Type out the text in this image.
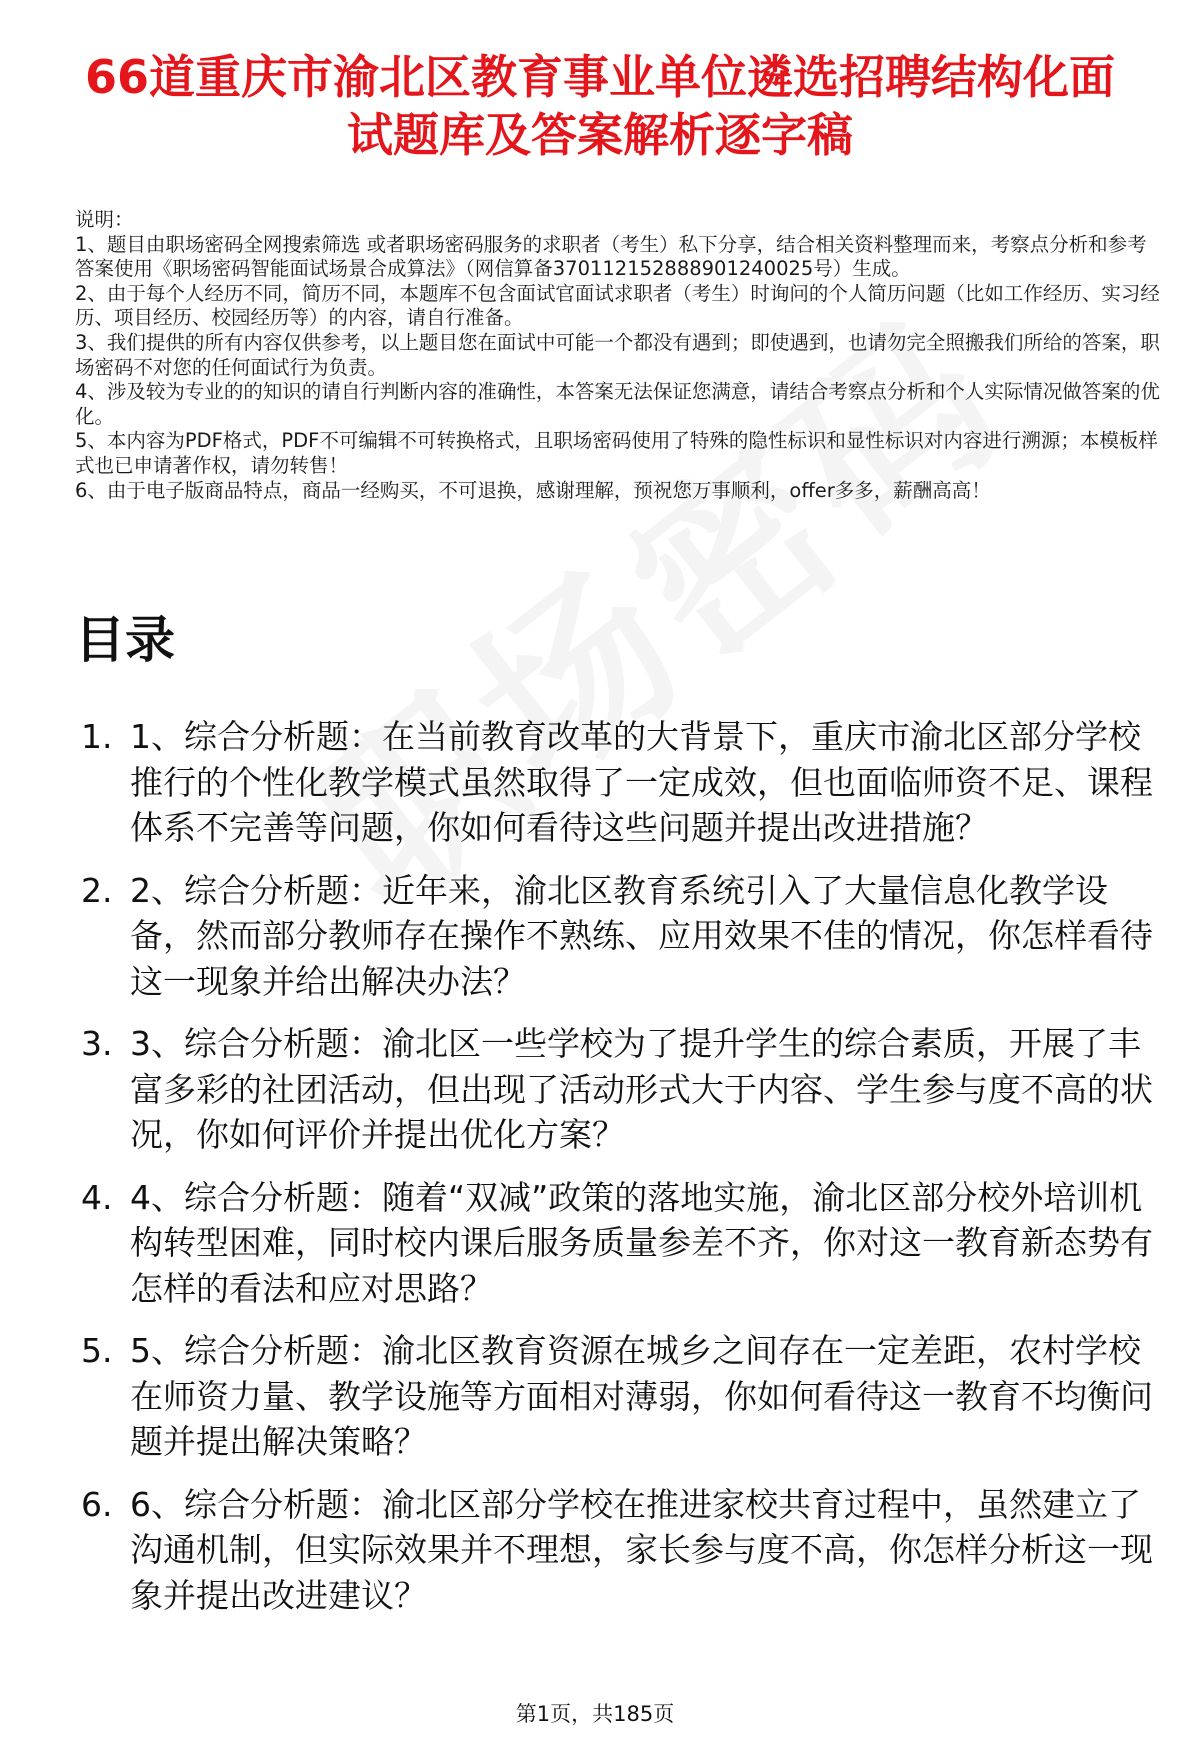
66道重庆市渝北区教育事业单位遴选招聘结构化面试题库及答案解析逐字稿

说明：

1、题目由职场密码全网搜索筛选 或者职场密码服务的求职者（考生）私下分享，结合相关资料整理而来，考察点分析和参考答案使用《职场密码智能面试场景合成算法》（网信算备370112152888901240025号）生成。

2、由于每个人经历不同，简历不同，本题库不包含面试官面试求职者（考生）时询问的个人简历问题（比如工作经历、实习经历、项目经历、校园经历等）的内容，请自行准备。

3、我们提供的所有内容仅供参考，以上题目您在面试中可能一个都没有遇到；即使遇到，也请勿完全照搬我们所给的答案，职场密码不对您的任何面试行为负责。

4、涉及较为专业的的知识的请自行判断内容的准确性，本答案无法保证您满意，请结合考察点分析和个人实际情况做答案的优化。

5、本内容为PDF格式，PDF不可编辑不可转换格式，且职场密码使用了特殊的隐性标识和显性标识对内容进行溯源；本模板样式也已申请著作权，请勿转售！

6、由于电子版商品特点，商品一经购买，不可退换，感谢理解，预祝您万事顺利，offer多多，薪酬高高！

目录
1. 1、综合分析题：在当前教育改革的大背景下，重庆市渝北区部分学校推行的个性化教学模式虽然取得了一定成效，但也面临师资不足、课程体系不完善等问题，你如何看待这些问题并提出改进措施？
2. 2、综合分析题：近年来，渝北区教育系统引入了大量信息化教学设备，然而部分教师存在操作不熟练、应用效果不佳的情况，你怎样看待这一现象并给出解决办法？
3. 3、综合分析题：渝北区一些学校为了提升学生的综合素质，开展了丰富多彩的社团活动，但出现了活动形式大于内容、学生参与度不高的状况，你如何评价并提出优化方案？
4. 4、综合分析题：随着“双减”政策的落地实施，渝北区部分校外培训机构转型困难，同时校内课后服务质量参差不齐，你对这一教育新态势有怎样的看法和应对思路？
5. 5、综合分析题：渝北区教育资源在城乡之间存在一定差距，农村学校在师资力量、教学设施等方面相对薄弱，你如何看待这一教育不均衡问题并提出解决策略？
6. 6、综合分析题：渝北区部分学校在推进家校共育过程中，虽然建立了沟通机制，但实际效果并不理想，家长参与度不高，你怎样分析这一现象并提出改进建议？
第1页，共185页
